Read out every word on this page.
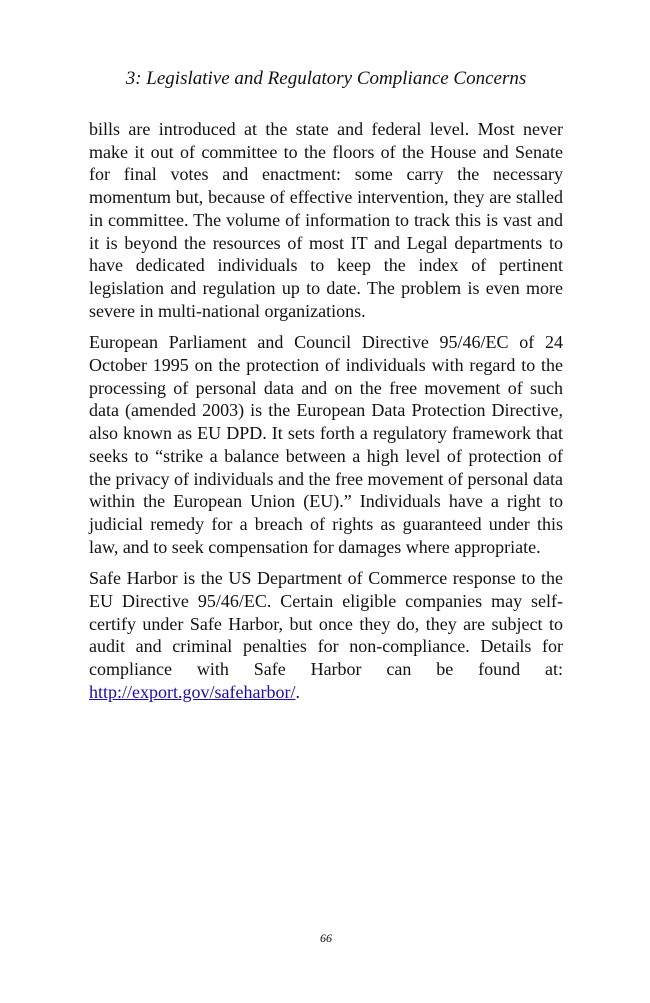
3: Legislative and Regulatory Compliance Concerns

bills are introduced at the state and federal level. Most never make it out of committee to the floors of the House and Senate for final votes and enactment: some carry the necessary momentum but, because of effective intervention, they are stalled in committee. The volume of information to track this is vast and it is beyond the resources of most IT and Legal departments to have dedicated individuals to keep the index of pertinent legislation and regulation up to date. The problem is even more severe in multi-national organizations.

European Parliament and Council Directive 95/46/EC of 24 October 1995 on the protection of individuals with regard to the processing of personal data and on the free movement of such data (amended 2003) is the European Data Protection Directive, also known as EU DPD. It sets forth a regulatory framework that seeks to “strike a balance between a high level of protection of the privacy of individuals and the free movement of personal data within the European Union (EU).” Individuals have a right to judicial remedy for a breach of rights as guaranteed under this law, and to seek compensation for damages where appropriate.

Safe Harbor is the US Department of Commerce response to the EU Directive 95/46/EC. Certain eligible companies may self-certify under Safe Harbor, but once they do, they are subject to audit and criminal penalties for non-compliance. Details for compliance with Safe Harbor can be found at: http://export.gov/safeharbor/.

66
